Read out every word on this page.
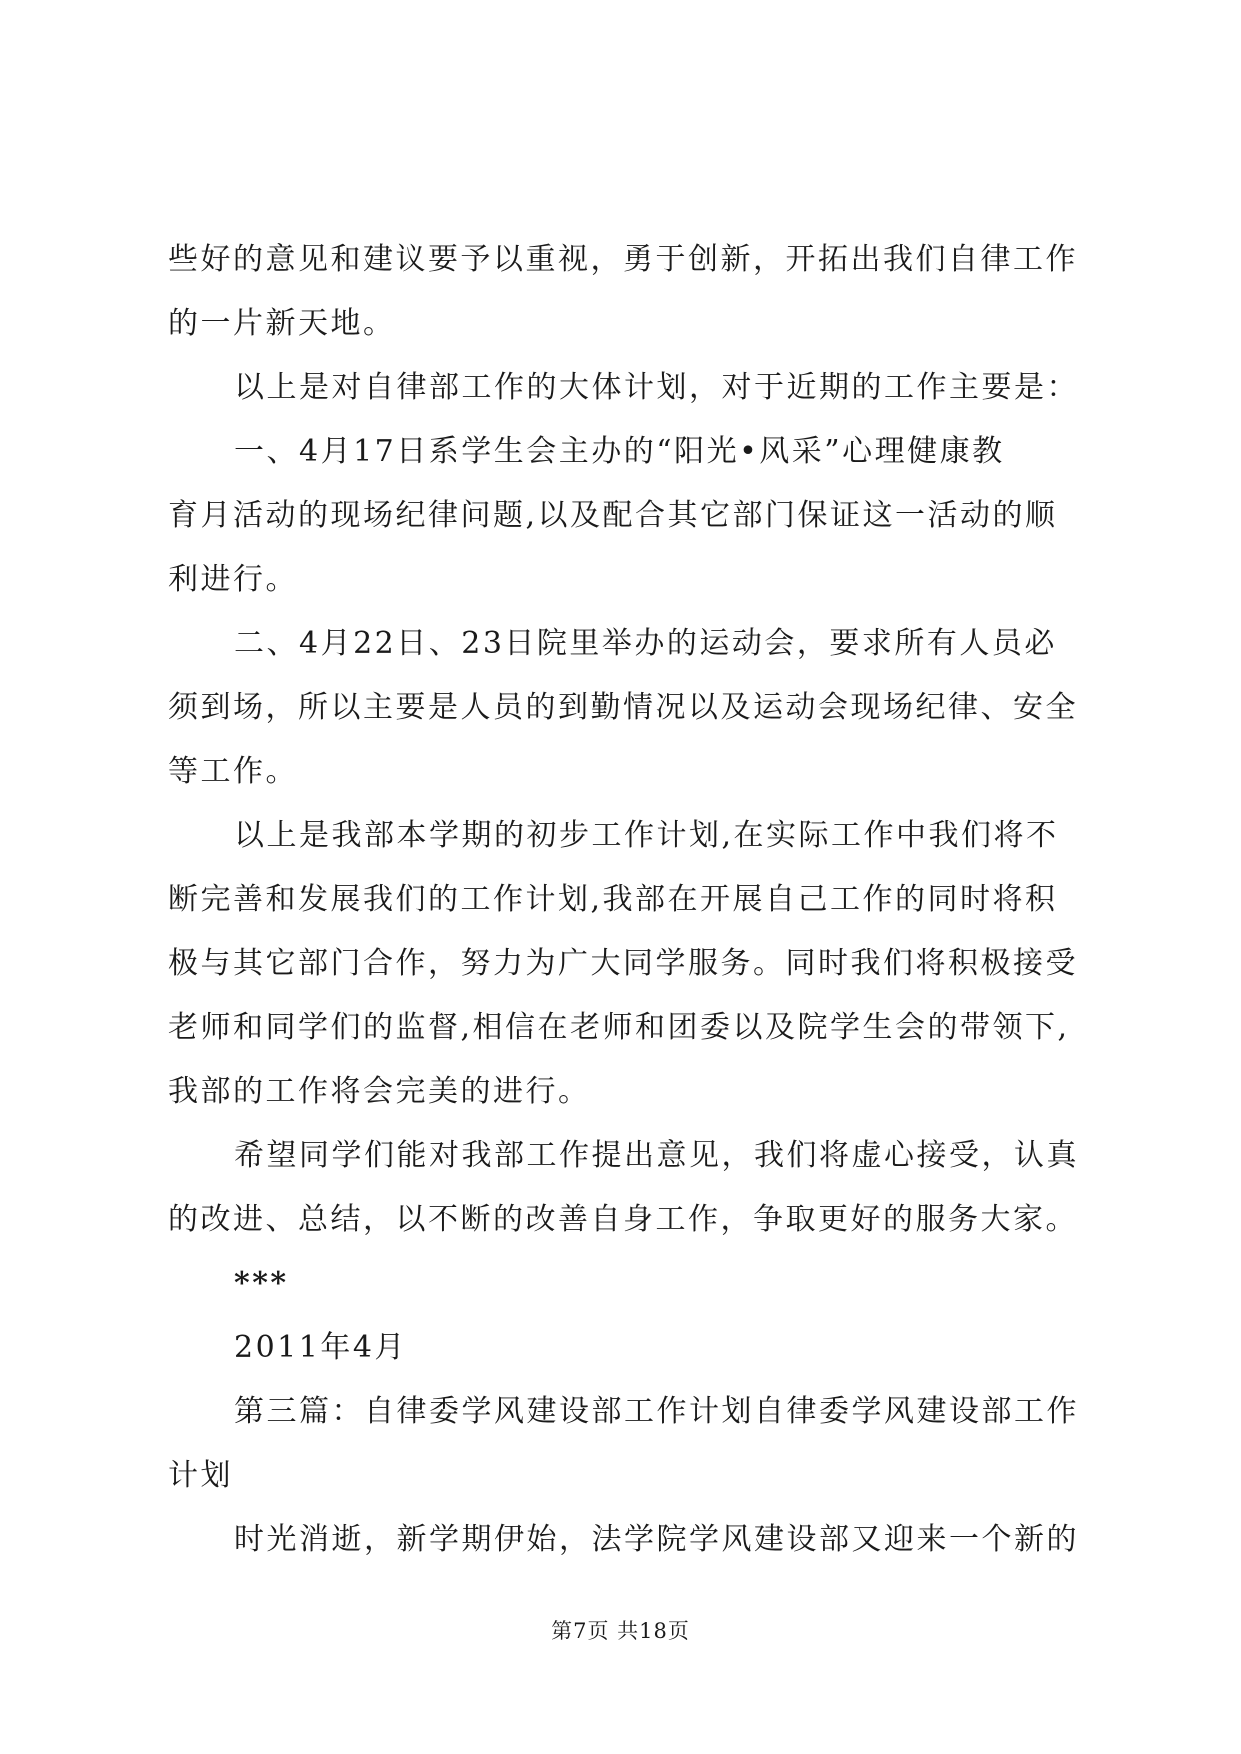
些好的意见和建议要予以重视，勇于创新，开拓出我们自律工作
的一片新天地。
以上是对自律部工作的大体计划，对于近期的工作主要是：
一、4月17日系学生会主办的“阳光•风采”心理健康教
育月活动的现场纪律问题,以及配合其它部门保证这一活动的顺
利进行。
二、4月22日、23日院里举办的运动会，要求所有人员必
须到场，所以主要是人员的到勤情况以及运动会现场纪律、安全
等工作。
以上是我部本学期的初步工作计划,在实际工作中我们将不
断完善和发展我们的工作计划,我部在开展自己工作的同时将积
极与其它部门合作，努力为广大同学服务。同时我们将积极接受
老师和同学们的监督,相信在老师和团委以及院学生会的带领下,
我部的工作将会完美的进行。
希望同学们能对我部工作提出意见，我们将虚心接受，认真
的改进、总结，以不断的改善自身工作，争取更好的服务大家。
***
2011年4月
第三篇：自律委学风建设部工作计划自律委学风建设部工作
计划
时光消逝，新学期伊始，法学院学风建设部又迎来一个新的
第7页 共18页
